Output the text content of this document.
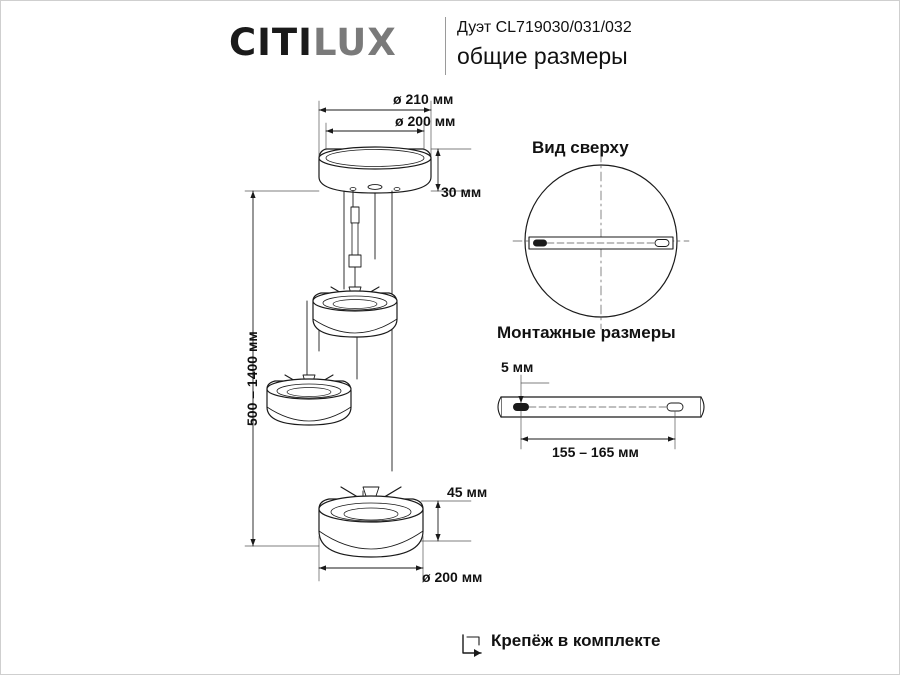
CITILUX	Дуэт CL719030/031/032
общие размеры
ø 210 мм
ø 200 мм
30 мм
500 – 1400 мм
45 мм
ø 200 мм
Вид сверху
Монтажные размеры
5 мм
155 – 165 мм
Крепёж в комплекте
